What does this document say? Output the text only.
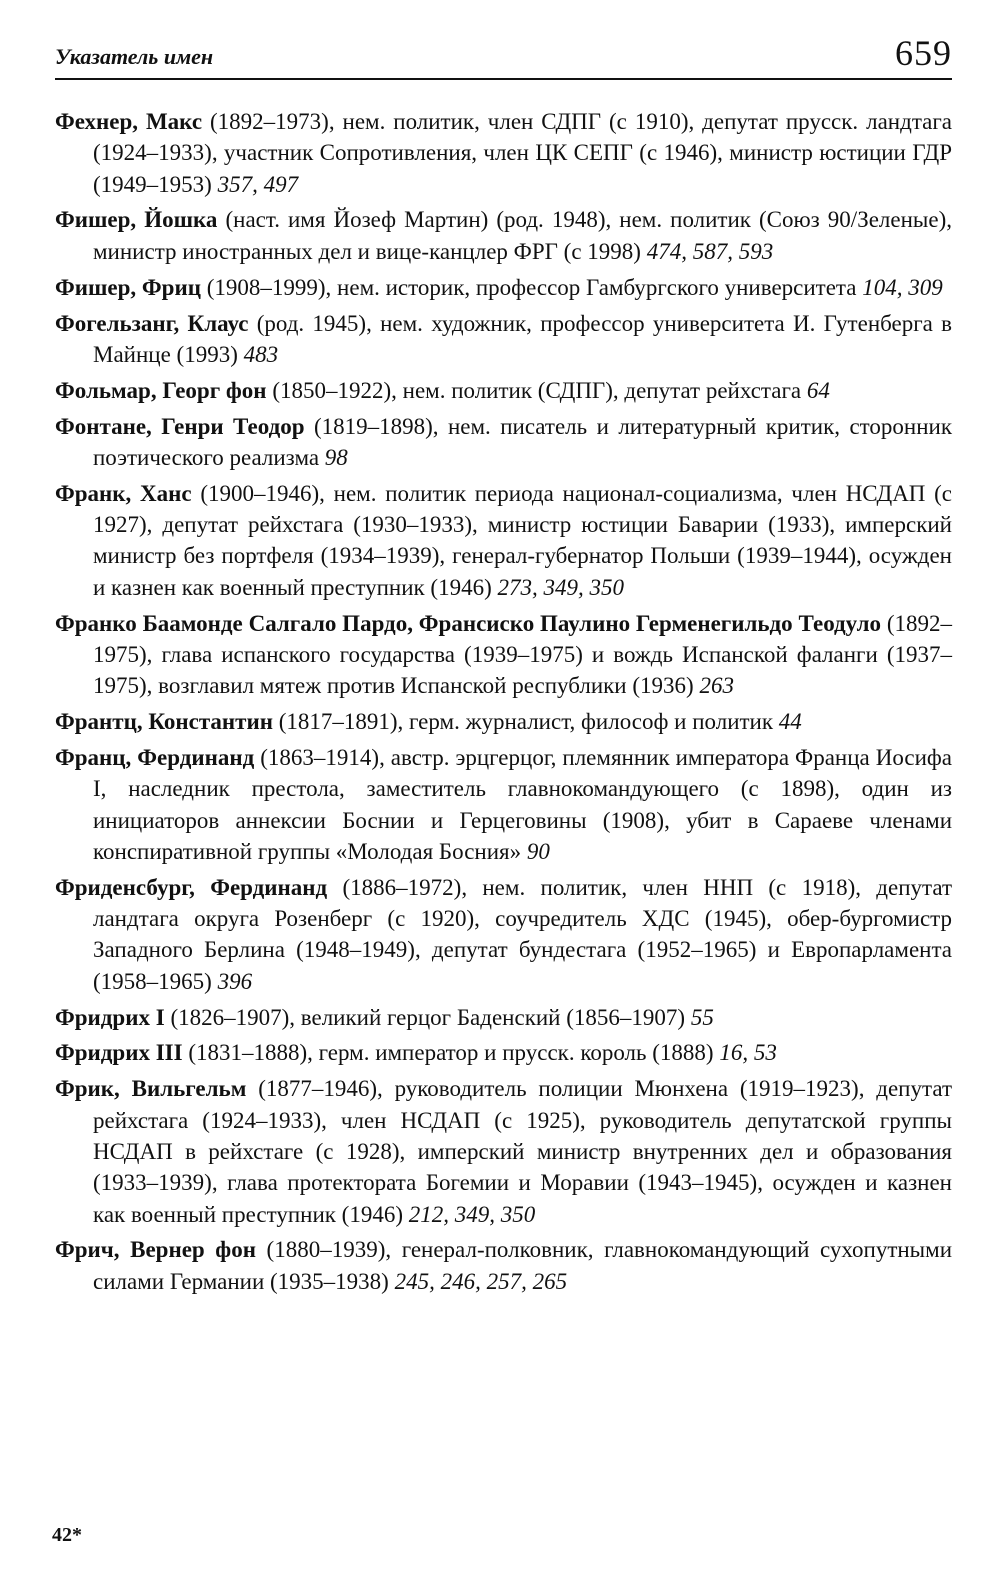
Указатель имен	659

Фехнер, Макс (1892–1973), нем. политик, член СДПГ (с 1910), депутат прусск. ландтага (1924–1933), участник Сопротивления, член ЦК СЕПГ (с 1946), министр юстиции ГДР (1949–1953) 357, 497

Фишер, Йошка (наст. имя Йозеф Мартин) (род. 1948), нем. политик (Союз 90/Зеленые), министр иностранных дел и вице-канцлер ФРГ (с 1998) 474, 587, 593

Фишер, Фриц (1908–1999), нем. историк, профессор Гамбургского университета 104, 309

Фогельзанг, Клаус (род. 1945), нем. художник, профессор университета И. Гутенберга в Майнце (1993) 483

Фольмар, Георг фон (1850–1922), нем. политик (СДПГ), депутат рейхстага 64

Фонтане, Генри Теодор (1819–1898), нем. писатель и литературный критик, сторонник поэтического реализма 98

Франк, Ханс (1900–1946), нем. политик периода национал-социализма, член НСДАП (с 1927), депутат рейхстага (1930–1933), министр юстиции Баварии (1933), имперский министр без портфеля (1934–1939), генерал-губернатор Польши (1939–1944), осужден и казнен как военный преступник (1946) 273, 349, 350

Франко Баамонде Салгало Пардо, Франсиско Паулино Герменегильдо Теодуло (1892–1975), глава испанского государства (1939–1975) и вождь Испанской фаланги (1937–1975), возглавил мятеж против Испанской республики (1936) 263

Франтц, Константин (1817–1891), герм. журналист, философ и политик 44

Франц, Фердинанд (1863–1914), австр. эрцгерцог, племянник императора Франца Иосифа I, наследник престола, заместитель главнокомандующего (с 1898), один из инициаторов аннексии Боснии и Герцеговины (1908), убит в Сараеве членами конспиративной группы «Молодая Босния» 90

Фриденсбург, Фердинанд (1886–1972), нем. политик, член ННП (с 1918), депутат ландтага округа Розенберг (с 1920), соучредитель ХДС (1945), обер-бургомистр Западного Берлина (1948–1949), депутат бундестага (1952–1965) и Европарламента (1958–1965) 396

Фридрих I (1826–1907), великий герцог Баденский (1856–1907) 55

Фридрих III (1831–1888), герм. император и прусск. король (1888) 16, 53

Фрик, Вильгельм (1877–1946), руководитель полиции Мюнхена (1919–1923), депутат рейхстага (1924–1933), член НСДАП (с 1925), руководитель депутатской группы НСДАП в рейхстаге (с 1928), имперский министр внутренних дел и образования (1933–1939), глава протектората Богемии и Моравии (1943–1945), осужден и казнен как военный преступник (1946) 212, 349, 350

Фрич, Вернер фон (1880–1939), генерал-полковник, главнокомандующий сухопутными силами Германии (1935–1938) 245, 246, 257, 265

42*
